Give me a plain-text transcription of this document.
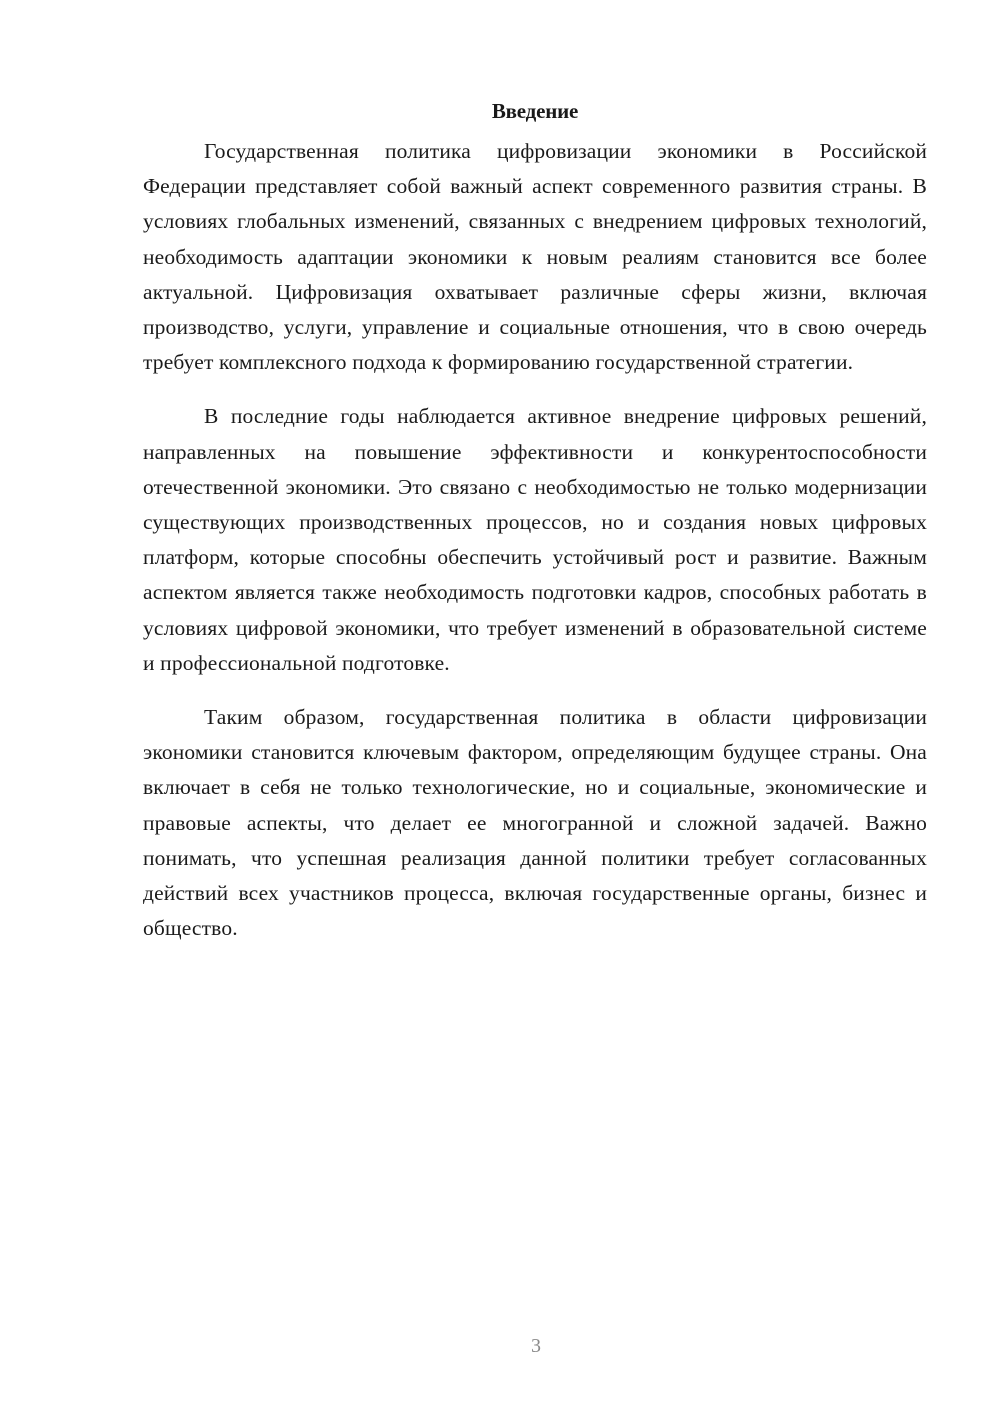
Введение

Государственная политика цифровизации экономики в Российской Федерации представляет собой важный аспект современного развития страны. В условиях глобальных изменений, связанных с внедрением цифровых технологий, необходимость адаптации экономики к новым реалиям становится все более актуальной. Цифровизация охватывает различные сферы жизни, включая производство, услуги, управление и социальные отношения, что в свою очередь требует комплексного подхода к формированию государственной стратегии.

В последние годы наблюдается активное внедрение цифровых решений, направленных на повышение эффективности и конкурентоспособности отечественной экономики. Это связано с необходимостью не только модернизации существующих производственных процессов, но и создания новых цифровых платформ, которые способны обеспечить устойчивый рост и развитие. Важным аспектом является также необходимость подготовки кадров, способных работать в условиях цифровой экономики, что требует изменений в образовательной системе и профессиональной подготовке.

Таким образом, государственная политика в области цифровизации экономики становится ключевым фактором, определяющим будущее страны. Она включает в себя не только технологические, но и социальные, экономические и правовые аспекты, что делает ее многогранной и сложной задачей. Важно понимать, что успешная реализация данной политики требует согласованных действий всех участников процесса, включая государственные органы, бизнес и общество.

3
